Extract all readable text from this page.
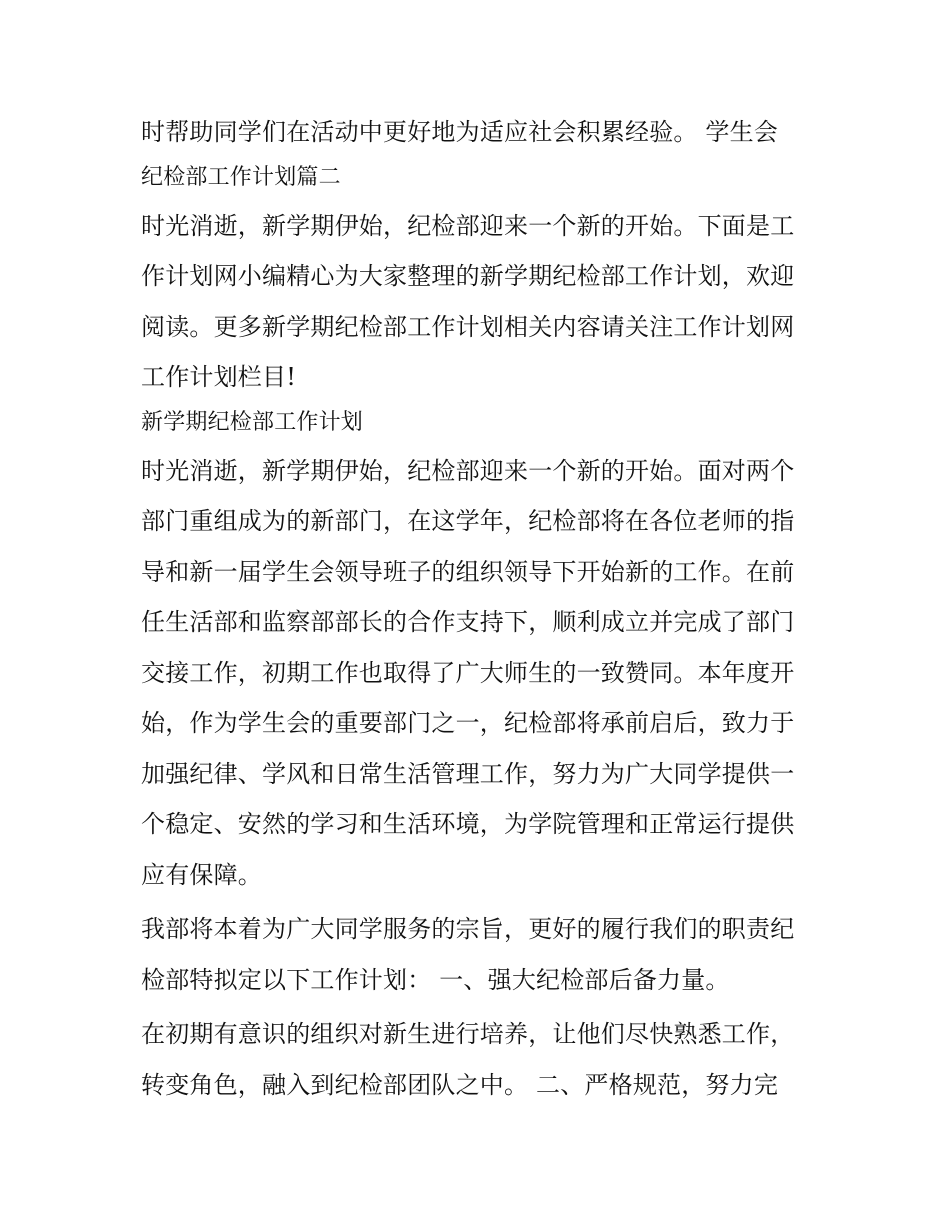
时帮助同学们在活动中更好地为适应社会积累经验。 学生会
纪检部工作计划篇二
时光消逝，新学期伊始，纪检部迎来一个新的开始。下面是工
作计划网小编精心为大家整理的新学期纪检部工作计划，欢迎
阅读。更多新学期纪检部工作计划相关内容请关注工作计划网
工作计划栏目!
新学期纪检部工作计划
时光消逝，新学期伊始，纪检部迎来一个新的开始。面对两个
部门重组成为的新部门，在这学年，纪检部将在各位老师的指
导和新一届学生会领导班子的组织领导下开始新的工作。在前
任生活部和监察部部长的合作支持下，顺利成立并完成了部门
交接工作，初期工作也取得了广大师生的一致赞同。本年度开
始，作为学生会的重要部门之一，纪检部将承前启后，致力于
加强纪律、学风和日常生活管理工作，努力为广大同学提供一
个稳定、安然的学习和生活环境，为学院管理和正常运行提供
应有保障。
我部将本着为广大同学服务的宗旨，更好的履行我们的职责纪
检部特拟定以下工作计划： 一、强大纪检部后备力量。
在初期有意识的组织对新生进行培养，让他们尽快熟悉工作，
转变角色，融入到纪检部团队之中。 二、严格规范，努力完
